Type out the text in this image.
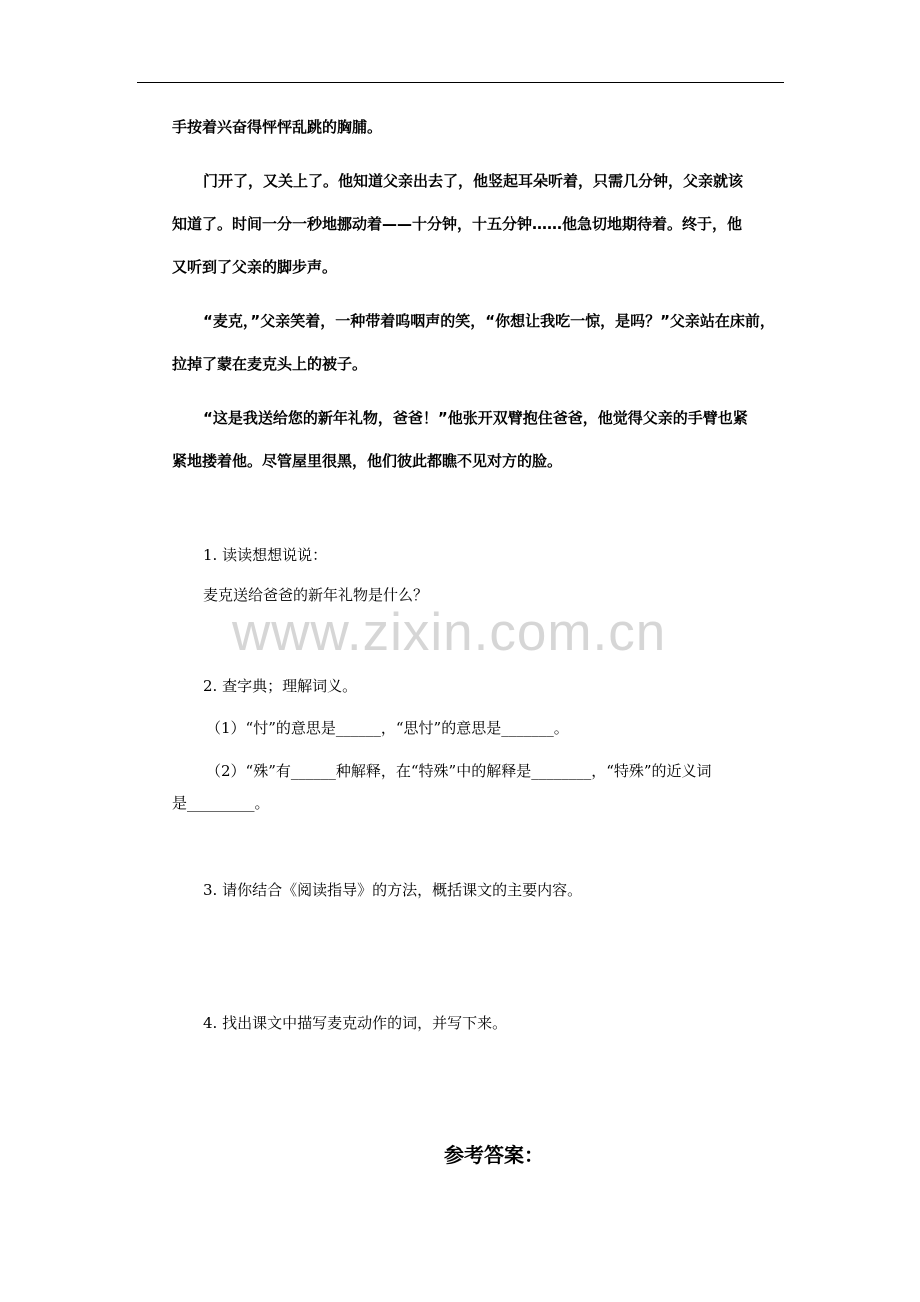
手按着兴奋得怦怦乱跳的胸脯。
门开了，又关上了。他知道父亲出去了，他竖起耳朵听着，只需几分钟，父亲就该
知道了。时间一分一秒地挪动着——十分钟，十五分钟……他急切地期待着。终于，他
又听到了父亲的脚步声。
“麦克，”父亲笑着，一种带着呜咽声的笑，“你想让我吃一惊，是吗？”父亲站在床前，
拉掉了蒙在麦克头上的被子。
“这是我送给您的新年礼物，爸爸！”他张开双臂抱住爸爸，他觉得父亲的手臂也紧
紧地搂着他。尽管屋里很黑，他们彼此都瞧不见对方的脸。
1. 读读想想说说：
麦克送给爸爸的新年礼物是什么？
www.zixin.com.cn
2. 查字典；理解词义。
（1）“忖”的意思是______，“思忖”的意思是_______。
（2）“殊”有______种解释，在“特殊”中的解释是________，“特殊”的近义词
是_________。
3. 请你结合《阅读指导》的方法，概括课文的主要内容。
4. 找出课文中描写麦克动作的词，并写下来。
参考答案：
